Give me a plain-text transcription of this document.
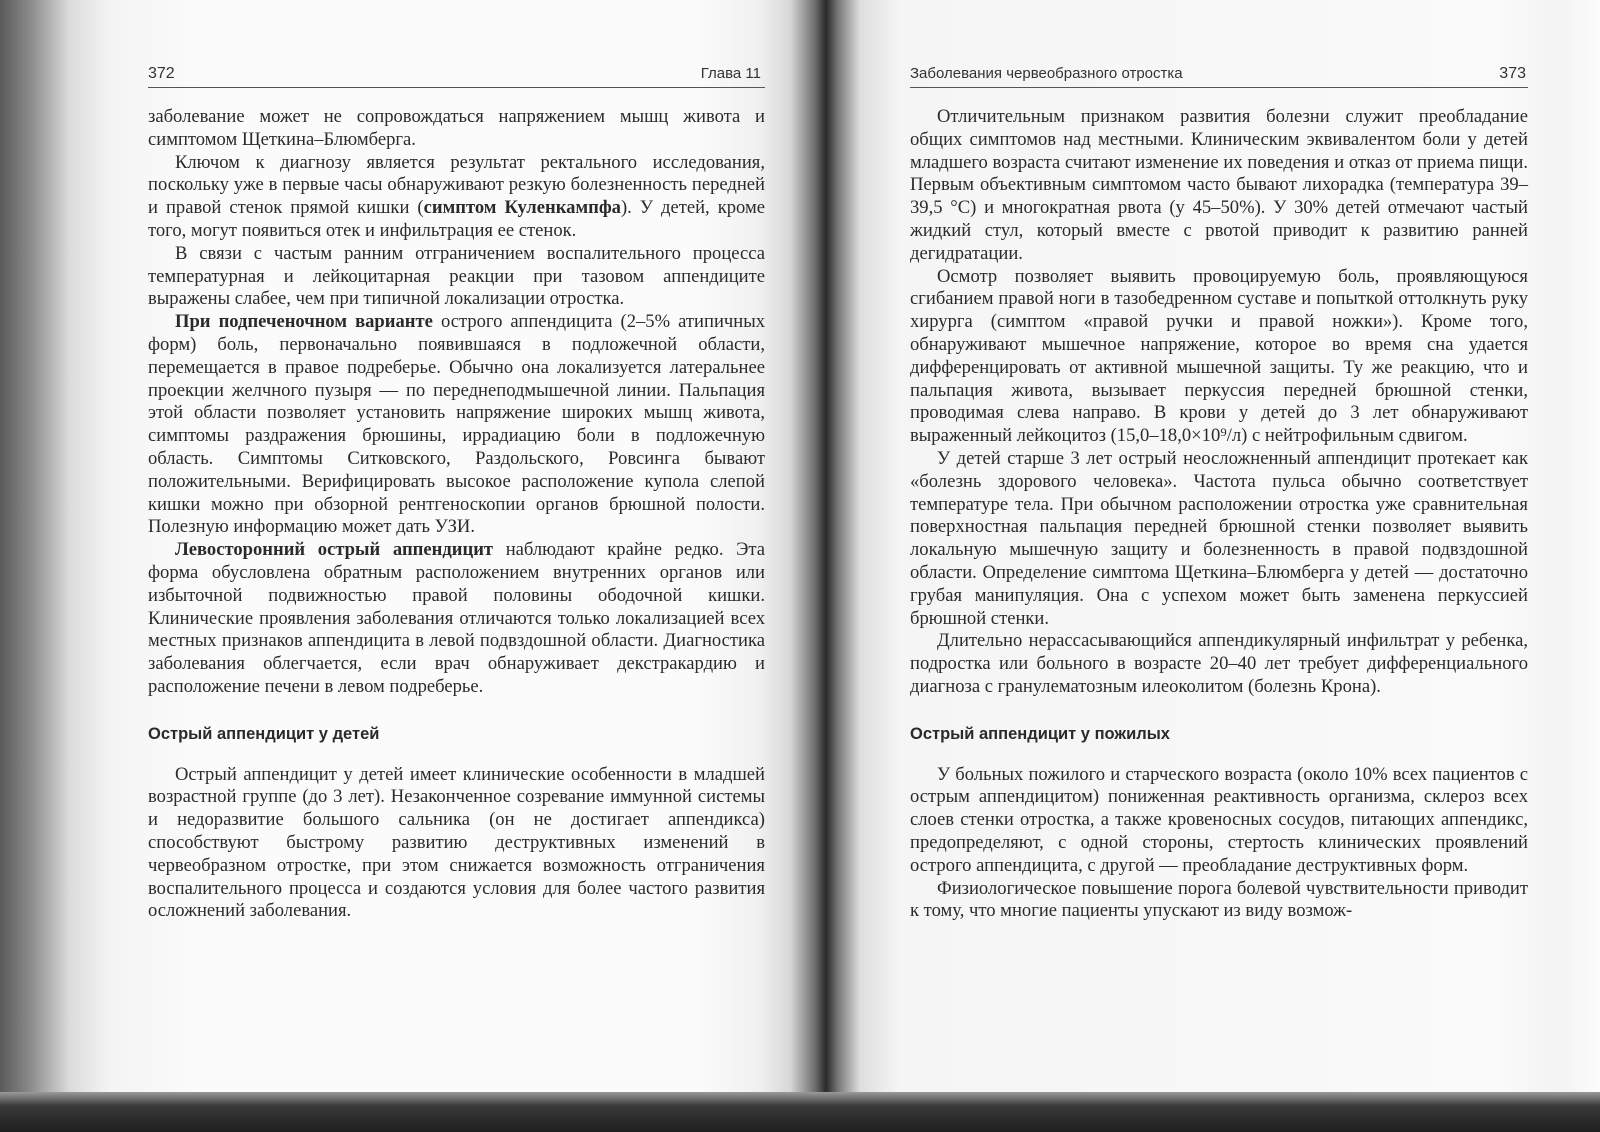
372	Глава 11

заболевание может не сопровождаться напряжением мышц живота и симптомом Щеткина–Блюмберга.

Ключом к диагнозу является результат ректального исследования, поскольку уже в первые часы обнаруживают резкую болезненность передней и правой стенок прямой кишки (симптом Куленкампфа). У детей, кроме того, могут появиться отек и инфильтрация ее стенок.

В связи с частым ранним отграничением воспалительного процесса температурная и лейкоцитарная реакции при тазовом аппендиците выражены слабее, чем при типичной локализации отростка.

При подпеченочном варианте острого аппендицита (2–5% атипичных форм) боль, первоначально появившаяся в подложечной области, перемещается в правое подреберье. Обычно она локализуется латеральнее проекции желчного пузыря — по переднеподмышечной линии. Пальпация этой области позволяет установить напряжение широких мышц живота, симптомы раздражения брюшины, иррадиацию боли в подложечную область. Симптомы Ситковского, Раздольского, Ровсинга бывают положительными. Верифицировать высокое расположение купола слепой кишки можно при обзорной рентгеноскопии органов брюшной полости. Полезную информацию может дать УЗИ.

Левосторонний острый аппендицит наблюдают крайне редко. Эта форма обусловлена обратным расположением внутренних органов или избыточной подвижностью правой половины ободочной кишки. Клинические проявления заболевания отличаются только локализацией всех местных признаков аппендицита в левой подвздошной области. Диагностика заболевания облегчается, если врач обнаруживает декстракардию и расположение печени в левом подреберье.

Острый аппендицит у детей

Острый аппендицит у детей имеет клинические особенности в младшей возрастной группе (до 3 лет). Незаконченное созревание иммунной системы и недоразвитие большого сальника (он не достигает аппендикса) способствуют быстрому развитию деструктивных изменений в червеобразном отростке, при этом снижается возможность отграничения воспалительного процесса и создаются условия для более частого развития осложнений заболевания.

Заболевания червеобразного отростка	373

Отличительным признаком развития болезни служит преобладание общих симптомов над местными. Клиническим эквивалентом боли у детей младшего возраста считают изменение их поведения и отказ от приема пищи. Первым объективным симптомом часто бывают лихорадка (температура 39–39,5 °С) и многократная рвота (у 45–50%). У 30% детей отмечают частый жидкий стул, который вместе с рвотой приводит к развитию ранней дегидратации.

Осмотр позволяет выявить провоцируемую боль, проявляющуюся сгибанием правой ноги в тазобедренном суставе и попыткой оттолкнуть руку хирурга (симптом «правой ручки и правой ножки»). Кроме того, обнаруживают мышечное напряжение, которое во время сна удается дифференцировать от активной мышечной защиты. Ту же реакцию, что и пальпация живота, вызывает перкуссия передней брюшной стенки, проводимая слева направо. В крови у детей до 3 лет обнаруживают выраженный лейкоцитоз (15,0–18,0×10⁹/л) с нейтрофильным сдвигом.

У детей старше 3 лет острый неосложненный аппендицит протекает как «болезнь здорового человека». Частота пульса обычно соответствует температуре тела. При обычном расположении отростка уже сравнительная поверхностная пальпация передней брюшной стенки позволяет выявить локальную мышечную защиту и болезненность в правой подвздошной области. Определение симптома Щеткина–Блюмберга у детей — достаточно грубая манипуляция. Она с успехом может быть заменена перкуссией брюшной стенки.

Длительно нерассасывающийся аппендикулярный инфильтрат у ребенка, подростка или больного в возрасте 20–40 лет требует дифференциального диагноза с гранулематозным илеоколитом (болезнь Крона).

Острый аппендицит у пожилых

У больных пожилого и старческого возраста (около 10% всех пациентов с острым аппендицитом) пониженная реактивность организма, склероз всех слоев стенки отростка, а также кровеносных сосудов, питающих аппендикс, предопределяют, с одной стороны, стертость клинических проявлений острого аппендицита, с другой — преобладание деструктивных форм.

Физиологическое повышение порога болевой чувствительности приводит к тому, что многие пациенты упускают из виду возмож-
